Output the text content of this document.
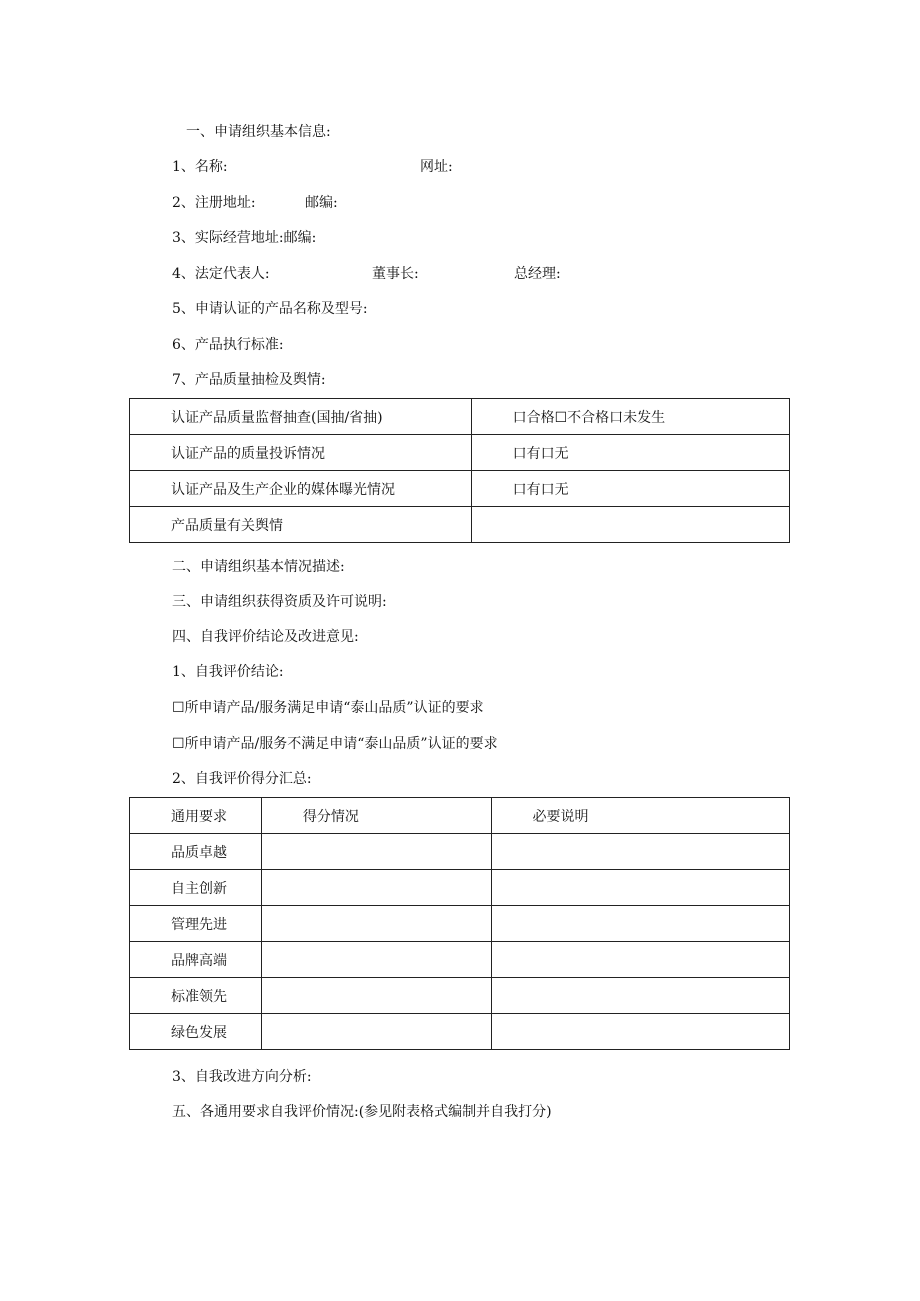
一、申请组织基本信息:
1、名称:	网址:
2、注册地址:	邮编:
3、实际经营地址:邮编:
4、法定代表人:	董事长:	总经理:
5、申请认证的产品名称及型号:
6、产品执行标准:
7、产品质量抽检及舆情:
认证产品质量监督抽查(国抽/省抽)	口合格☐不合格口未发生
认证产品的质量投诉情况	口有口无
认证产品及生产企业的媒体曝光情况	口有口无
产品质量有关舆情	
二、申请组织基本情况描述:
三、申请组织获得资质及许可说明:
四、自我评价结论及改进意见:
1、自我评价结论:
☐所申请产品/服务满足申请“泰山品质”认证的要求
☐所申请产品/服务不满足申请“泰山品质”认证的要求
2、自我评价得分汇总:
通用要求	得分情况	必要说明
品质卓越		
自主创新		
管理先进		
品牌高端		
标准领先		
绿色发展		
3、自我改进方向分析:
五、各通用要求自我评价情况:(参见附表格式编制并自我打分)
